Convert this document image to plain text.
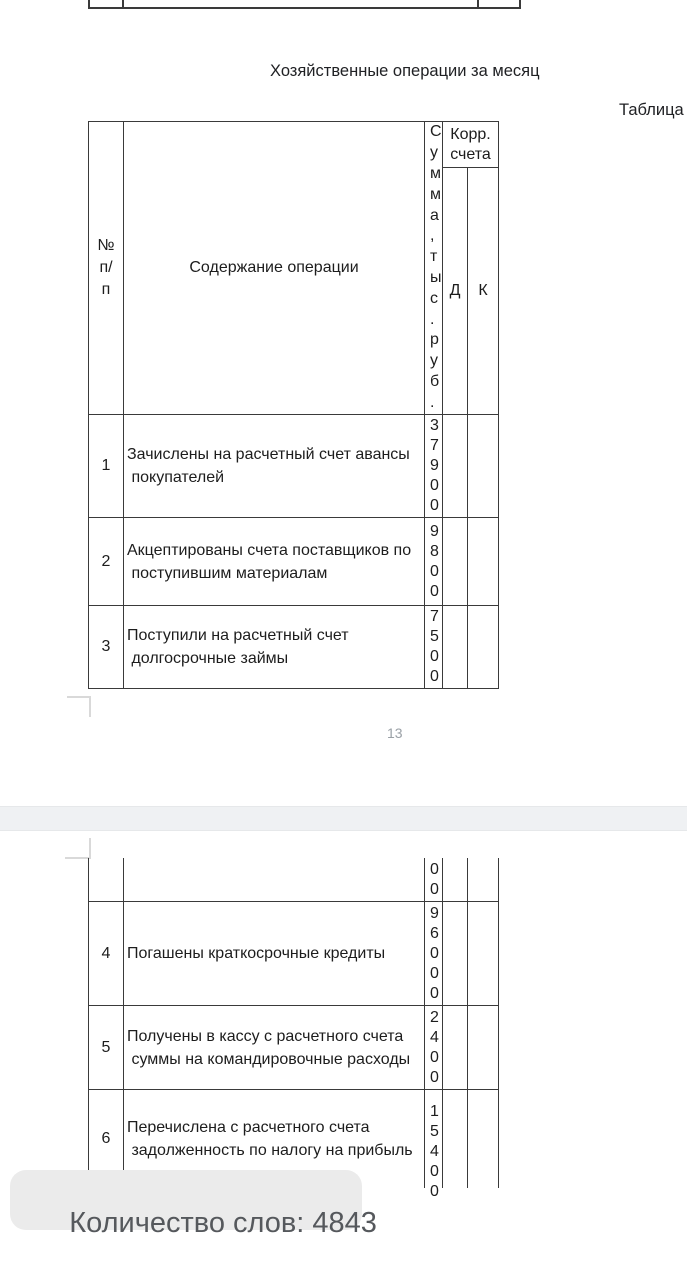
Хозяйственные операции за месяц
Таблица
№
п/
п
Содержание операции
С
у
м
м
а
,
т
ы
с
.
р
у
б
.
Корр.
счета
Д К
1
Зачислены на расчетный счет авансы
покупателей
3
7
9
0
0
2
Акцептированы счета поставщиков по
поступившим материалам
9
8
0
0
3
Поступили на расчетный счет
долгосрочные займы
7
5
0
0
13
0
0
4 Погашены краткосрочные кредиты
9
6
0
0
0
5
Получены в кассу с расчетного счета
суммы на командировочные расходы
2
4
0
0
6
Перечислена с расчетного счета
задолженность по налогу на прибыль
1
5
4
0
0

Количество слов: 4843
